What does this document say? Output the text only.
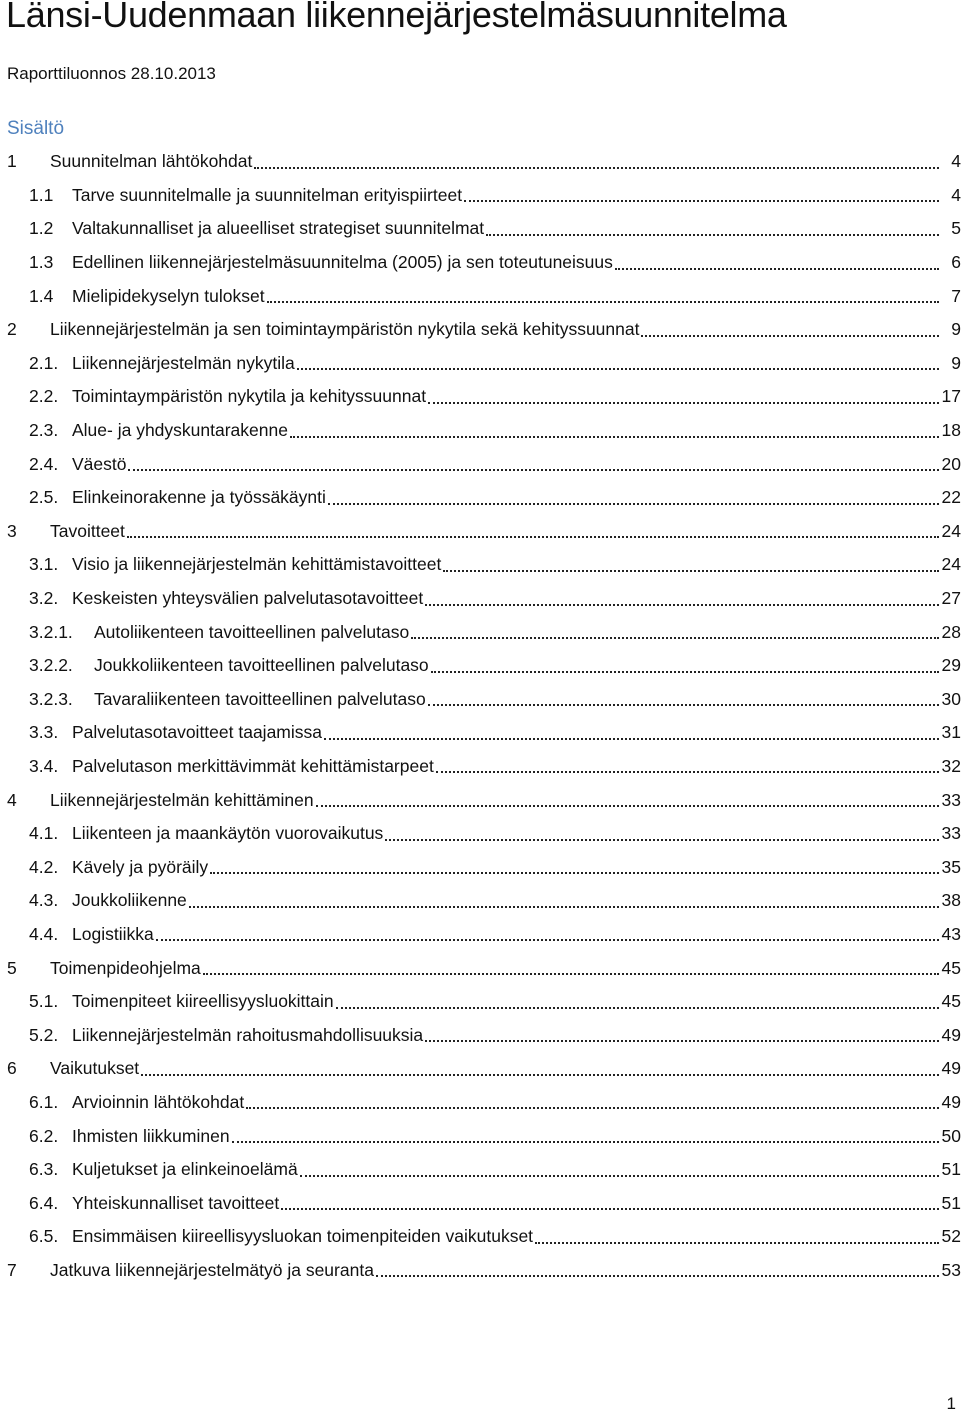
Länsi-Uudenmaan liikennejärjestelmäsuunnitelma
Raporttiluonnos 28.10.2013
Sisältö
1	Suunnitelman lähtökohdat	4
1.1	Tarve suunnitelmalle ja suunnitelman erityispiirteet	4
1.2	Valtakunnalliset ja alueelliset strategiset suunnitelmat	5
1.3	Edellinen liikennejärjestelmäsuunnitelma (2005) ja sen toteutuneisuus	6
1.4	Mielipidekyselyn tulokset	7
2	Liikennejärjestelmän ja sen toimintaympäristön nykytila sekä kehityssuunnat	9
2.1. Liikennejärjestelmän nykytila	9
2.2. Toimintaympäristön nykytila ja kehityssuunnat	17
2.3. Alue- ja yhdyskuntarakenne	18
2.4. Väestö	20
2.5. Elinkeinorakenne ja työssäkäynti	22
3	Tavoitteet	24
3.1. Visio ja liikennejärjestelmän kehittämistavoitteet	24
3.2. Keskeisten yhteysvälien palvelutasotavoitteet	27
3.2.1.	Autoliikenteen tavoitteellinen palvelutaso	28
3.2.2.	Joukkoliikenteen tavoitteellinen palvelutaso	29
3.2.3.	Tavaraliikenteen tavoitteellinen palvelutaso	30
3.3. Palvelutasotavoitteet taajamissa	31
3.4. Palvelutason merkittävimmät kehittämistarpeet	32
4	Liikennejärjestelmän kehittäminen	33
4.1. Liikenteen ja maankäytön vuorovaikutus	33
4.2. Kävely ja pyöräily	35
4.3. Joukkoliikenne	38
4.4. Logistiikka	43
5	Toimenpideohjelma	45
5.1. Toimenpiteet kiireellisyysluokittain	45
5.2. Liikennejärjestelmän rahoitusmahdollisuuksia	49
6	Vaikutukset	49
6.1. Arvioinnin lähtökohdat	49
6.2. Ihmisten liikkuminen	50
6.3. Kuljetukset ja elinkeinoelämä	51
6.4. Yhteiskunnalliset tavoitteet	51
6.5. Ensimmäisen kiireellisyysluokan toimenpiteiden vaikutukset	52
7	Jatkuva liikennejärjestelmätyö ja seuranta	53
1
